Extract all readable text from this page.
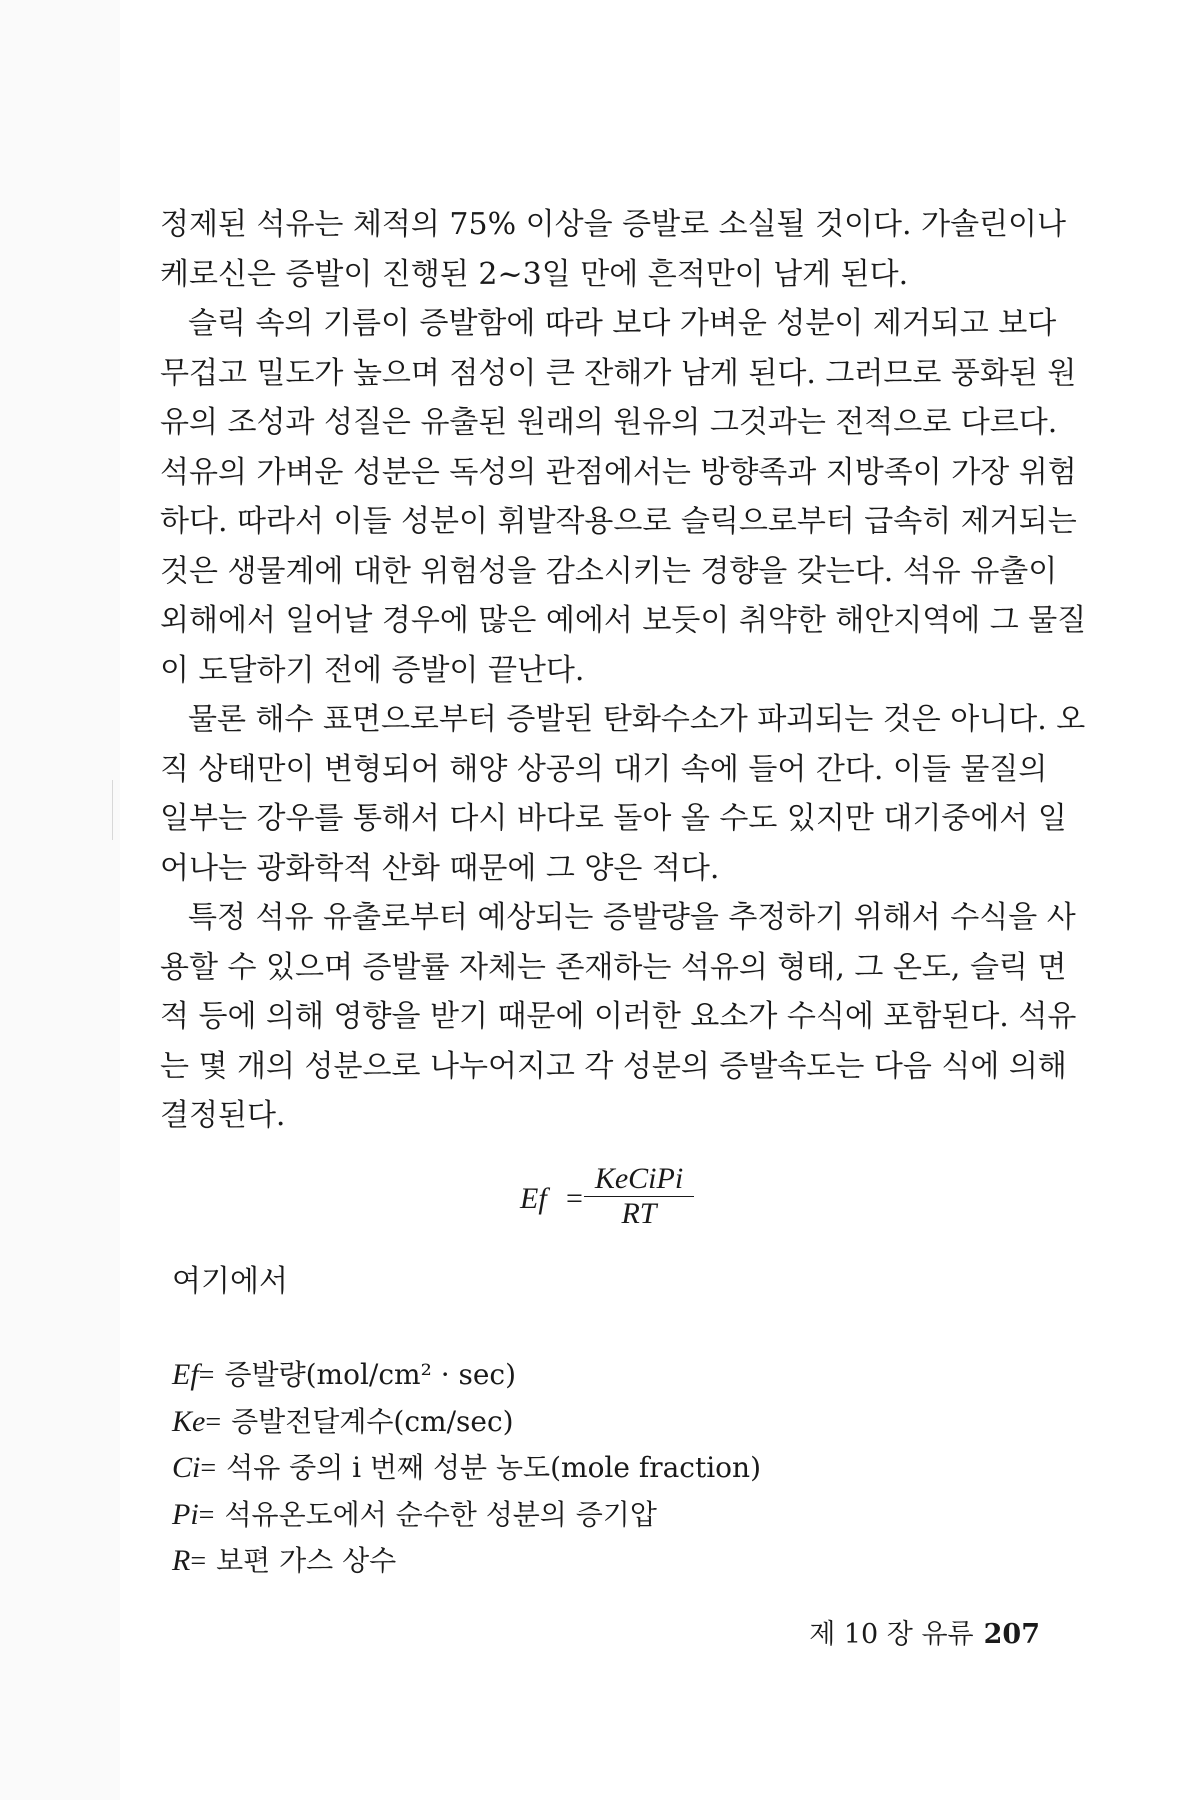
정제된 석유는 체적의 75% 이상을 증발로 소실될 것이다. 가솔린이나
케로신은 증발이 진행된 2~3일 만에 흔적만이 남게 된다.
슬릭 속의 기름이 증발함에 따라 보다 가벼운 성분이 제거되고 보다
무겁고 밀도가 높으며 점성이 큰 잔해가 남게 된다. 그러므로 풍화된 원
유의 조성과 성질은 유출된 원래의 원유의 그것과는 전적으로 다르다.
석유의 가벼운 성분은 독성의 관점에서는 방향족과 지방족이 가장 위험
하다. 따라서 이들 성분이 휘발작용으로 슬릭으로부터 급속히 제거되는
것은 생물계에 대한 위험성을 감소시키는 경향을 갖는다. 석유 유출이
외해에서 일어날 경우에 많은 예에서 보듯이 취약한 해안지역에 그 물질
이 도달하기 전에 증발이 끝난다.
물론 해수 표면으로부터 증발된 탄화수소가 파괴되는 것은 아니다. 오
직 상태만이 변형되어 해양 상공의 대기 속에 들어 간다. 이들 물질의
일부는 강우를 통해서 다시 바다로 돌아 올 수도 있지만 대기중에서 일
어나는 광화학적 산화 때문에 그 양은 적다.
특정 석유 유출로부터 예상되는 증발량을 추정하기 위해서 수식을 사
용할 수 있으며 증발률 자체는 존재하는 석유의 형태, 그 온도, 슬릭 면
적 등에 의해 영향을 받기 때문에 이러한 요소가 수식에 포함된다. 석유
는 몇 개의 성분으로 나누어지고 각 성분의 증발속도는 다음 식에 의해
결정된다.
Ef =
KeCiPi
RT
여기에서
Ef= 증발량(mol/cm² · sec)
Ke= 증발전달계수(cm/sec)
Ci= 석유 중의 i 번째 성분 농도(mole fraction)
Pi= 석유온도에서 순수한 성분의 증기압
R= 보편 가스 상수
제 10 장 유류 207
